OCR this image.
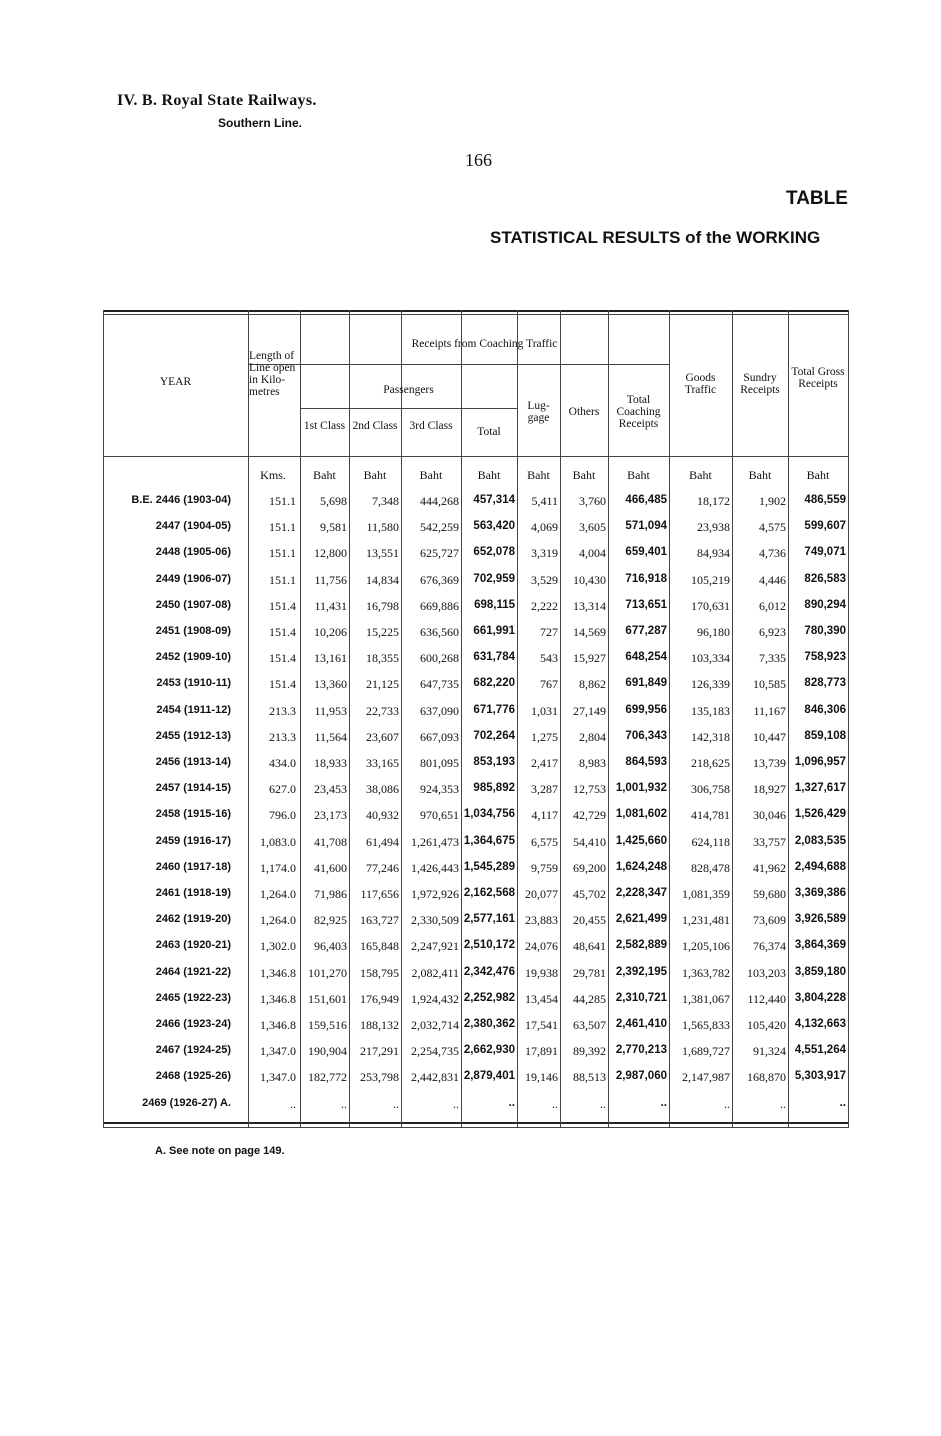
IV. B. Royal State Railways.
Southern Line.
166
TABLE
STATISTICAL RESULTS of the WORKING
YEAR
Length of Line open in Kilo-metres
Receipts from Coaching Traffic
Passengers
1st Class 2nd Class	3rd Class	Total
Lug-gage	Others
Total Coaching Receipts
Goods Traffic
Sundry Receipts
Total Gross Receipts
Kms.	Baht	Baht	Baht	Baht	Baht	Baht	Baht	Baht	Baht	Baht
B.E. 2446 (1903-04)	151.1	5,698	7,348	444,268	457,314	5,411	3,760	466,485	18,172	1,902	486,559
2447 (1904-05)	151.1	9,581	11,580	542,259	563,420	4,069	3,605	571,094	23,938	4,575	599,607
2448 (1905-06)	151.1	12,800	13,551	625,727	652,078	3,319	4,004	659,401	84,934	4,736	749,071
2449 (1906-07)	151.1	11,756	14,834	676,369	702,959	3,529	10,430	716,918	105,219	4,446	826,583
2450 (1907-08)	151.4	11,431	16,798	669,886	698,115	2,222	13,314	713,651	170,631	6,012	890,294
2451 (1908-09)	151.4	10,206	15,225	636,560	661,991	727	14,569	677,287	96,180	6,923	780,390
2452 (1909-10)	151.4	13,161	18,355	600,268	631,784	543	15,927	648,254	103,334	7,335	758,923
2453 (1910-11)	151.4	13,360	21,125	647,735	682,220	767	8,862	691,849	126,339	10,585	828,773
2454 (1911-12)	213.3	11,953	22,733	637,090	671,776	1,031	27,149	699,956	135,183	11,167	846,306
2455 (1912-13)	213.3	11,564	23,607	667,093	702,264	1,275	2,804	706,343	142,318	10,447	859,108
2456 (1913-14)	434.0	18,933	33,165	801,095	853,193	2,417	8,983	864,593	218,625	13,739 1,096,957
2457 (1914-15)	627.0	23,453	38,086	924,353	985,892	3,287	12,753 1,001,932	306,758	18,927 1,327,617
2458 (1915-16)	796.0	23,173	40,932	970,651 1,034,756	4,117	42,729 1,081,602	414,781	30,046 1,526,429
2459 (1916-17)	1,083.0	41,708	61,494	1,261,473 1,364,675	6,575	54,410 1,425,660	624,118	33,757 2,083,535
2460 (1917-18)	1,174.0	41,600	77,246	1,426,443 1,545,289	9,759	69,200 1,624,248	828,478	41,962 2,494,688
2461 (1918-19)	1,264.0	71,986	117,656	1,972,926 2,162,568 20,077	45,702 2,228,347	1,081,359	59,680 3,369,386
2462 (1919-20)	1,264.0	82,925	163,727	2,330,509 2,577,161 23,883	20,455 2,621,499	1,231,481	73,609 3,926,589
2463 (1920-21)	1,302.0	96,403	165,848	2,247,921 2,510,172 24,076	48,641 2,582,889	1,205,106	76,374 3,864,369
2464 (1921-22)	1,346.8	101,270	158,795	2,082,411 2,342,476 19,938	29,781 2,392,195	1,363,782	103,203 3,859,180
2465 (1922-23)	1,346.8	151,601	176,949	1,924,432 2,252,982 13,454	44,285 2,310,721	1,381,067	112,440 3,804,228
2466 (1923-24)	1,346.8	159,516	188,132	2,032,714 2,380,362 17,541	63,507 2,461,410	1,565,833	105,420 4,132,663
2467 (1924-25)	1,347.0	190,904	217,291	2,254,735 2,662,930 17,891	89,392 2,770,213	1,689,727	91,324 4,551,264
2468 (1925-26)	1,347.0	182,772	253,798	2,442,831 2,879,401 19,146	88,513 2,987,060	2,147,987	168,870 5,303,917
2469 (1926-27) A.	..	..	..	..	..	..	..	..	..	..	..
A. See note on page 149.
